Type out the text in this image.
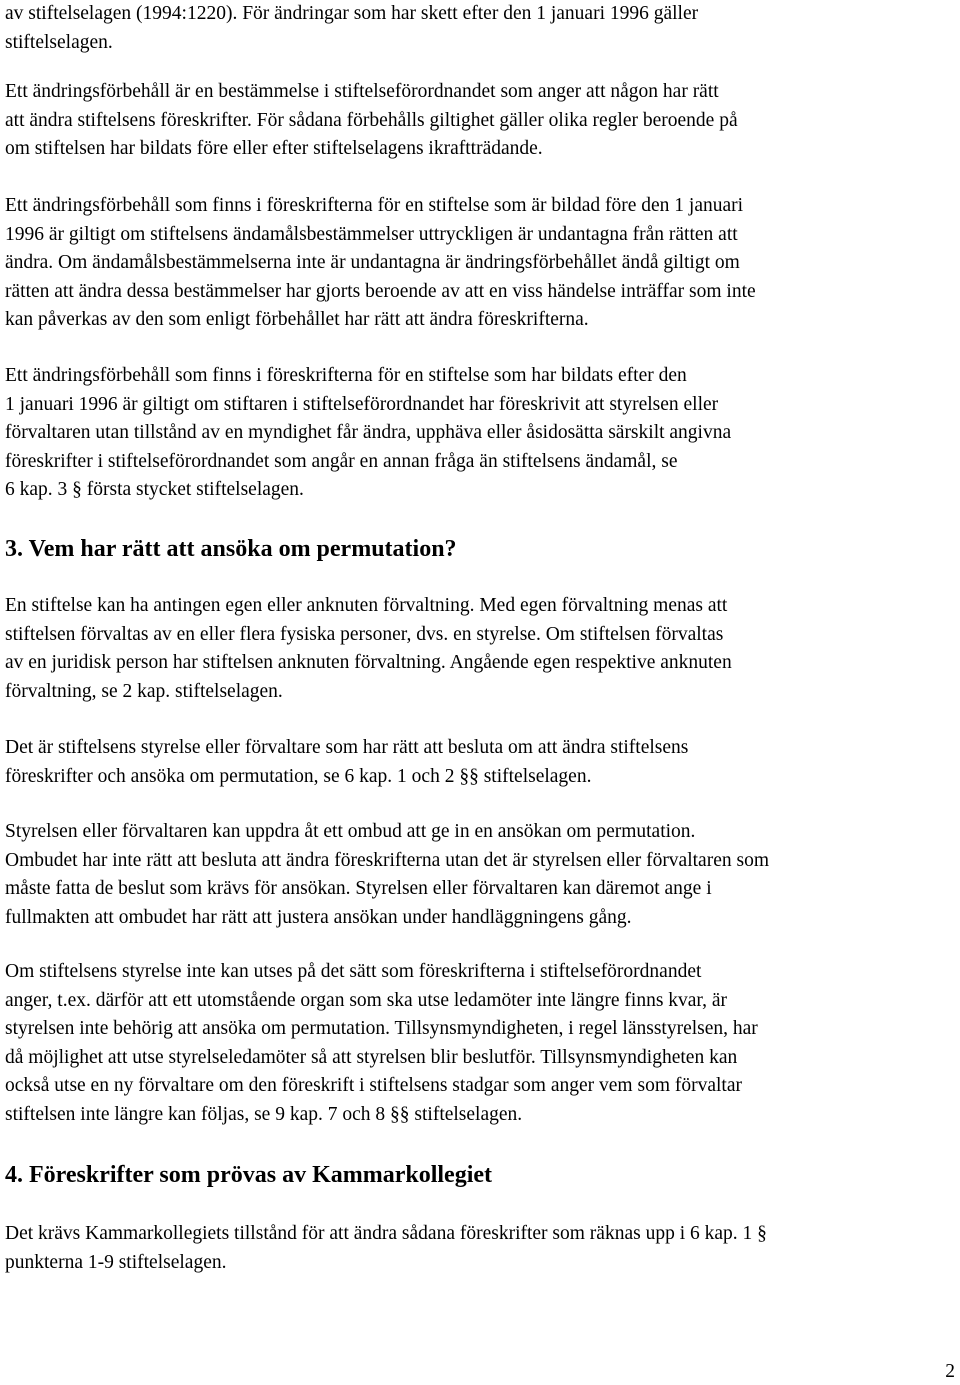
av stiftelselagen (1994:1220). För ändringar som har skett efter den 1 januari 1996 gäller
stiftelselagen.

Ett ändringsförbehåll är en bestämmelse i stiftelseförordnandet som anger att någon har rätt
att ändra stiftelsens föreskrifter. För sådana förbehålls giltighet gäller olika regler beroende på
om stiftelsen har bildats före eller efter stiftelselagens ikraftträdande.

Ett ändringsförbehåll som finns i föreskrifterna för en stiftelse som är bildad före den 1 januari
1996 är giltigt om stiftelsens ändamålsbestämmelser uttryckligen är undantagna från rätten att
ändra. Om ändamålsbestämmelserna inte är undantagna är ändringsförbehållet ändå giltigt om
rätten att ändra dessa bestämmelser har gjorts beroende av att en viss händelse inträffar som inte
kan påverkas av den som enligt förbehållet har rätt att ändra föreskrifterna.

Ett ändringsförbehåll som finns i föreskrifterna för en stiftelse som har bildats efter den
1 januari 1996 är giltigt om stiftaren i stiftelseförordnandet har föreskrivit att styrelsen eller
förvaltaren utan tillstånd av en myndighet får ändra, upphäva eller åsidosätta särskilt angivna
föreskrifter i stiftelseförordnandet som angår en annan fråga än stiftelsens ändamål, se
6 kap. 3 § första stycket stiftelselagen.

3. Vem har rätt att ansöka om permutation?

En stiftelse kan ha antingen egen eller anknuten förvaltning. Med egen förvaltning menas att
stiftelsen förvaltas av en eller flera fysiska personer, dvs. en styrelse. Om stiftelsen förvaltas
av en juridisk person har stiftelsen anknuten förvaltning. Angående egen respektive anknuten
förvaltning, se 2 kap. stiftelselagen.

Det är stiftelsens styrelse eller förvaltare som har rätt att besluta om att ändra stiftelsens
föreskrifter och ansöka om permutation, se 6 kap. 1 och 2 §§ stiftelselagen.

Styrelsen eller förvaltaren kan uppdra åt ett ombud att ge in en ansökan om permutation.
Ombudet har inte rätt att besluta att ändra föreskrifterna utan det är styrelsen eller förvaltaren som
måste fatta de beslut som krävs för ansökan. Styrelsen eller förvaltaren kan däremot ange i
fullmakten att ombudet har rätt att justera ansökan under handläggningens gång.

Om stiftelsens styrelse inte kan utses på det sätt som föreskrifterna i stiftelseförordnandet
anger, t.ex. därför att ett utomstående organ som ska utse ledamöter inte längre finns kvar, är
styrelsen inte behörig att ansöka om permutation. Tillsynsmyndigheten, i regel länsstyrelsen, har
då möjlighet att utse styrelseledamöter så att styrelsen blir beslutför. Tillsynsmyndigheten kan
också utse en ny förvaltare om den föreskrift i stiftelsens stadgar som anger vem som förvaltar
stiftelsen inte längre kan följas, se 9 kap. 7 och 8 §§ stiftelselagen.

4. Föreskrifter som prövas av Kammarkollegiet

Det krävs Kammarkollegiets tillstånd för att ändra sådana föreskrifter som räknas upp i 6 kap. 1 §
punkterna 1-9 stiftelselagen.

2
